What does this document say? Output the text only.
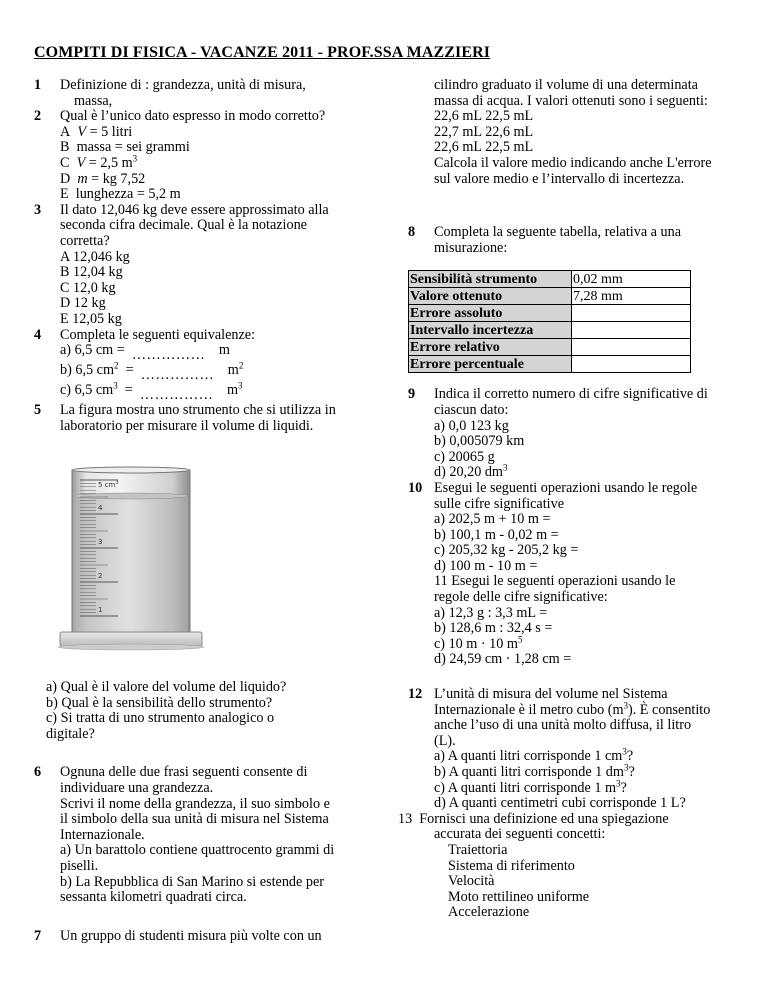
COMPITI DI FISICA - VACANZE 2011 - PROF.SSA MAZZIERI
1 Definizione di : grandezza, unità di misura,
massa,
2 Qual è l’unico dato espresso in modo corretto?
A V = 5 litri
B massa = sei grammi
C V = 2,5 $m^3$
D m = kg 7,52
E lunghezza = 5,2 m
3 Il dato 12,046 kg deve essere approssimato alla
seconda cifra decimale. Qual è la notazione
corretta?
A 12,046 kg
B 12,04 kg
C 12,0 kg
D 12 kg
E 12,05 kg
4 Completa le seguenti equivalenze:
a) 6,5 cm = …………… m
b) 6,5 $cm^2$  =  …………… $m^2$
c) 6,5 $cm^3$  =  …………… $m^3$
5 La figura mostra uno strumento che si utilizza in
laboratorio per misurare il volume di liquidi.
5 $cm^3$
4
3
2
1
a) Qual è il valore del volume del liquido?
b) Qual è la sensibilità dello strumento?
c) Si tratta di uno strumento analogico o
digitale?
6 Ognuna delle due frasi seguenti consente di
individuare una grandezza.
Scrivi il nome della grandezza, il suo simbolo e
il simbolo della sua unità di misura nel Sistema
Internazionale.
a) Un barattolo contiene quattrocento grammi di
piselli.
b) La Repubblica di San Marino si estende per
sessanta kilometri quadrati circa.
7 Un gruppo di studenti misura più volte con un
cilindro graduato il volume di una determinata
massa di acqua. I valori ottenuti sono i seguenti:
22,6 mL 22,5 mL
22,7 mL 22,6 mL
22,6 mL 22,5 mL
Calcola il valore medio indicando anche L'errore
sul valore medio e l’intervallo di incertezza.
8 Completa la seguente tabella, relativa a una
misurazione:
Sensibilità strumento	0,02 mm
Valore ottenuto	7,28 mm
Errore assoluto	
Intervallo incertezza	
Errore relativo	
Errore percentuale	
9 Indica il corretto numero di cifre significative di
ciascun dato:
a) 0,0 123 kg
b) 0,005079 km
c) 20065 g
d) 20,20 $dm^3$
10 Esegui le seguenti operazioni usando le regole
sulle cifre significative
a) 202,5 m + 10 m =
b) 100,1 m - 0,02 m =
c) 205,32 kg - 205,2 kg =
d) 100 m - 10 m =
11 Esegui le seguenti operazioni usando le
regole delle cifre significative:
a) 12,3 g : 3,3 mL =
b) 128,6 m : 32,4 s =
c) 10 m · 10 $m^5$
d) 24,59 cm · 1,28 cm =
12 L’unità di misura del volume nel Sistema
Internazionale è il metro cubo $(m^3)$. È consentito
anche l’uso di una unità molto diffusa, il litro
(L).
a) A quanti litri corrisponde 1 $cm^3$?
b) A quanti litri corrisponde 1 $dm^3$?
c) A quanti litri corrisponde 1 $m^3$?
d) A quanti centimetri cubi corrisponde 1 L?
13 Fornisci una definizione ed una spiegazione
accurata dei seguenti concetti:
Traiettoria
Sistema di riferimento
Velocità
Moto rettilineo uniforme
Accelerazione
